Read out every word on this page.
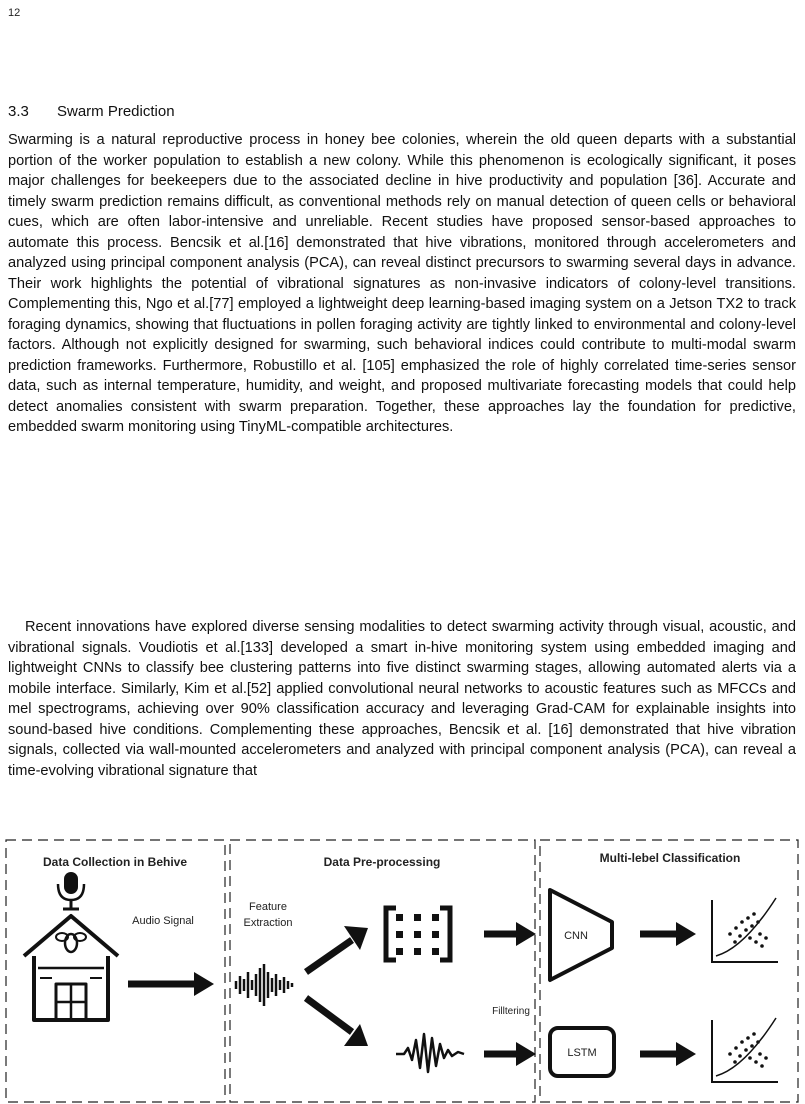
12
3.3 Swarm Prediction

Swarming is a natural reproductive process in honey bee colonies, wherein the old queen departs with a substantial portion of the worker population to establish a new colony. While this phenomenon is ecologically significant, it poses major challenges for beekeepers due to the associated decline in hive productivity and population [36]. Accurate and timely swarm prediction remains difficult, as conventional methods rely on manual detection of queen cells or behavioral cues, which are often labor-intensive and unreliable. Recent studies have proposed sensor-based approaches to automate this process. Bencsik et al.[16] demonstrated that hive vibrations, monitored through accelerometers and analyzed using principal component analysis (PCA), can reveal distinct precursors to swarming several days in advance. Their work highlights the potential of vibrational signatures as non-invasive indicators of colony-level transitions. Complementing this, Ngo et al.[77] employed a lightweight deep learning-based imaging system on a Jetson TX2 to track foraging dynamics, showing that fluctuations in pollen foraging activity are tightly linked to environmental and colony-level factors. Although not explicitly designed for swarming, such behavioral indices could contribute to multi-modal swarm prediction frameworks. Furthermore, Robustillo et al. [105] emphasized the role of highly correlated time-series sensor data, such as internal temperature, humidity, and weight, and proposed multivariate forecasting models that could help detect anomalies consistent with swarm preparation. Together, these approaches lay the foundation for predictive, embedded swarm monitoring using TinyML-compatible architectures.

Recent innovations have explored diverse sensing modalities to detect swarming activity through visual, acoustic, and vibrational signals. Voudiotis et al.[133] developed a smart in-hive monitoring system using embedded imaging and lightweight CNNs to classify bee clustering patterns into five distinct swarming stages, allowing automated alerts via a mobile interface. Similarly, Kim et al.[52] applied convolutional neural networks to acoustic features such as MFCCs and mel spectrograms, achieving over 90% classification accuracy and leveraging Grad-CAM for explainable insights into sound-based hive conditions. Complementing these approaches, Bencsik et al. [16] demonstrated that hive vibration signals, collected via wall-mounted accelerometers and analyzed with principal component analysis (PCA), can reveal a time-evolving vibrational signature that

Data Collection in Behive	Data Pre-processing	Multi-lebel Classification
Audio Signal
Feature
Extraction
Filltering
CNN
LSTM
